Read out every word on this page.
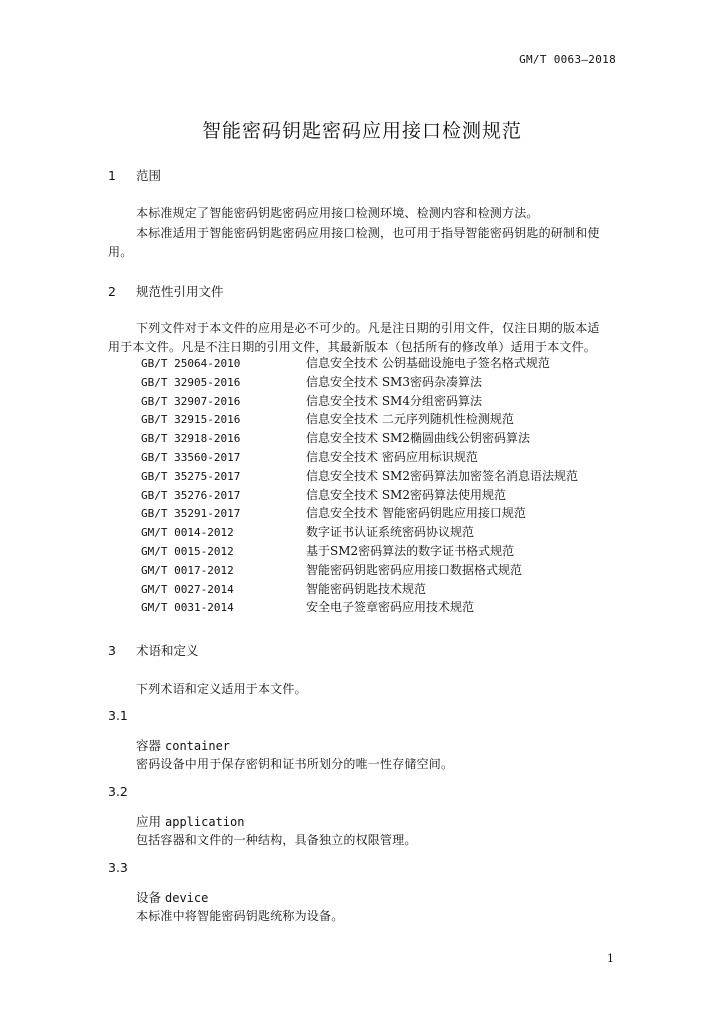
GM/T 0063—2018
智能密码钥匙密码应用接口检测规范
1 范围
本标准规定了智能密码钥匙密码应用接口检测环境、检测内容和检测方法。
本标准适用于智能密码钥匙密码应用接口检测，也可用于指导智能密码钥匙的研制和使
用。
2 规范性引用文件
下列文件对于本文件的应用是必不可少的。凡是注日期的引用文件，仅注日期的版本适
用于本文件。凡是不注日期的引用文件，其最新版本（包括所有的修改单）适用于本文件。
GB/T 25064-2010	信息安全技术 公钥基础设施电子签名格式规范
GB/T 32905-2016	信息安全技术 SM3密码杂凑算法
GB/T 32907-2016	信息安全技术 SM4分组密码算法
GB/T 32915-2016	信息安全技术 二元序列随机性检测规范
GB/T 32918-2016	信息安全技术 SM2椭圆曲线公钥密码算法
GB/T 33560-2017	信息安全技术 密码应用标识规范
GB/T 35275-2017	信息安全技术 SM2密码算法加密签名消息语法规范
GB/T 35276-2017	信息安全技术 SM2密码算法使用规范
GB/T 35291-2017	信息安全技术 智能密码钥匙应用接口规范
GM/T 0014-2012	数字证书认证系统密码协议规范
GM/T 0015-2012	基于SM2密码算法的数字证书格式规范
GM/T 0017-2012	智能密码钥匙密码应用接口数据格式规范
GM/T 0027-2014	智能密码钥匙技术规范
GM/T 0031-2014	安全电子签章密码应用技术规范
3 术语和定义
下列术语和定义适用于本文件。
3.1
容器 container
密码设备中用于保存密钥和证书所划分的唯一性存储空间。
3.2
应用 application
包括容器和文件的一种结构，具备独立的权限管理。
3.3
设备 device
本标准中将智能密码钥匙统称为设备。
1
